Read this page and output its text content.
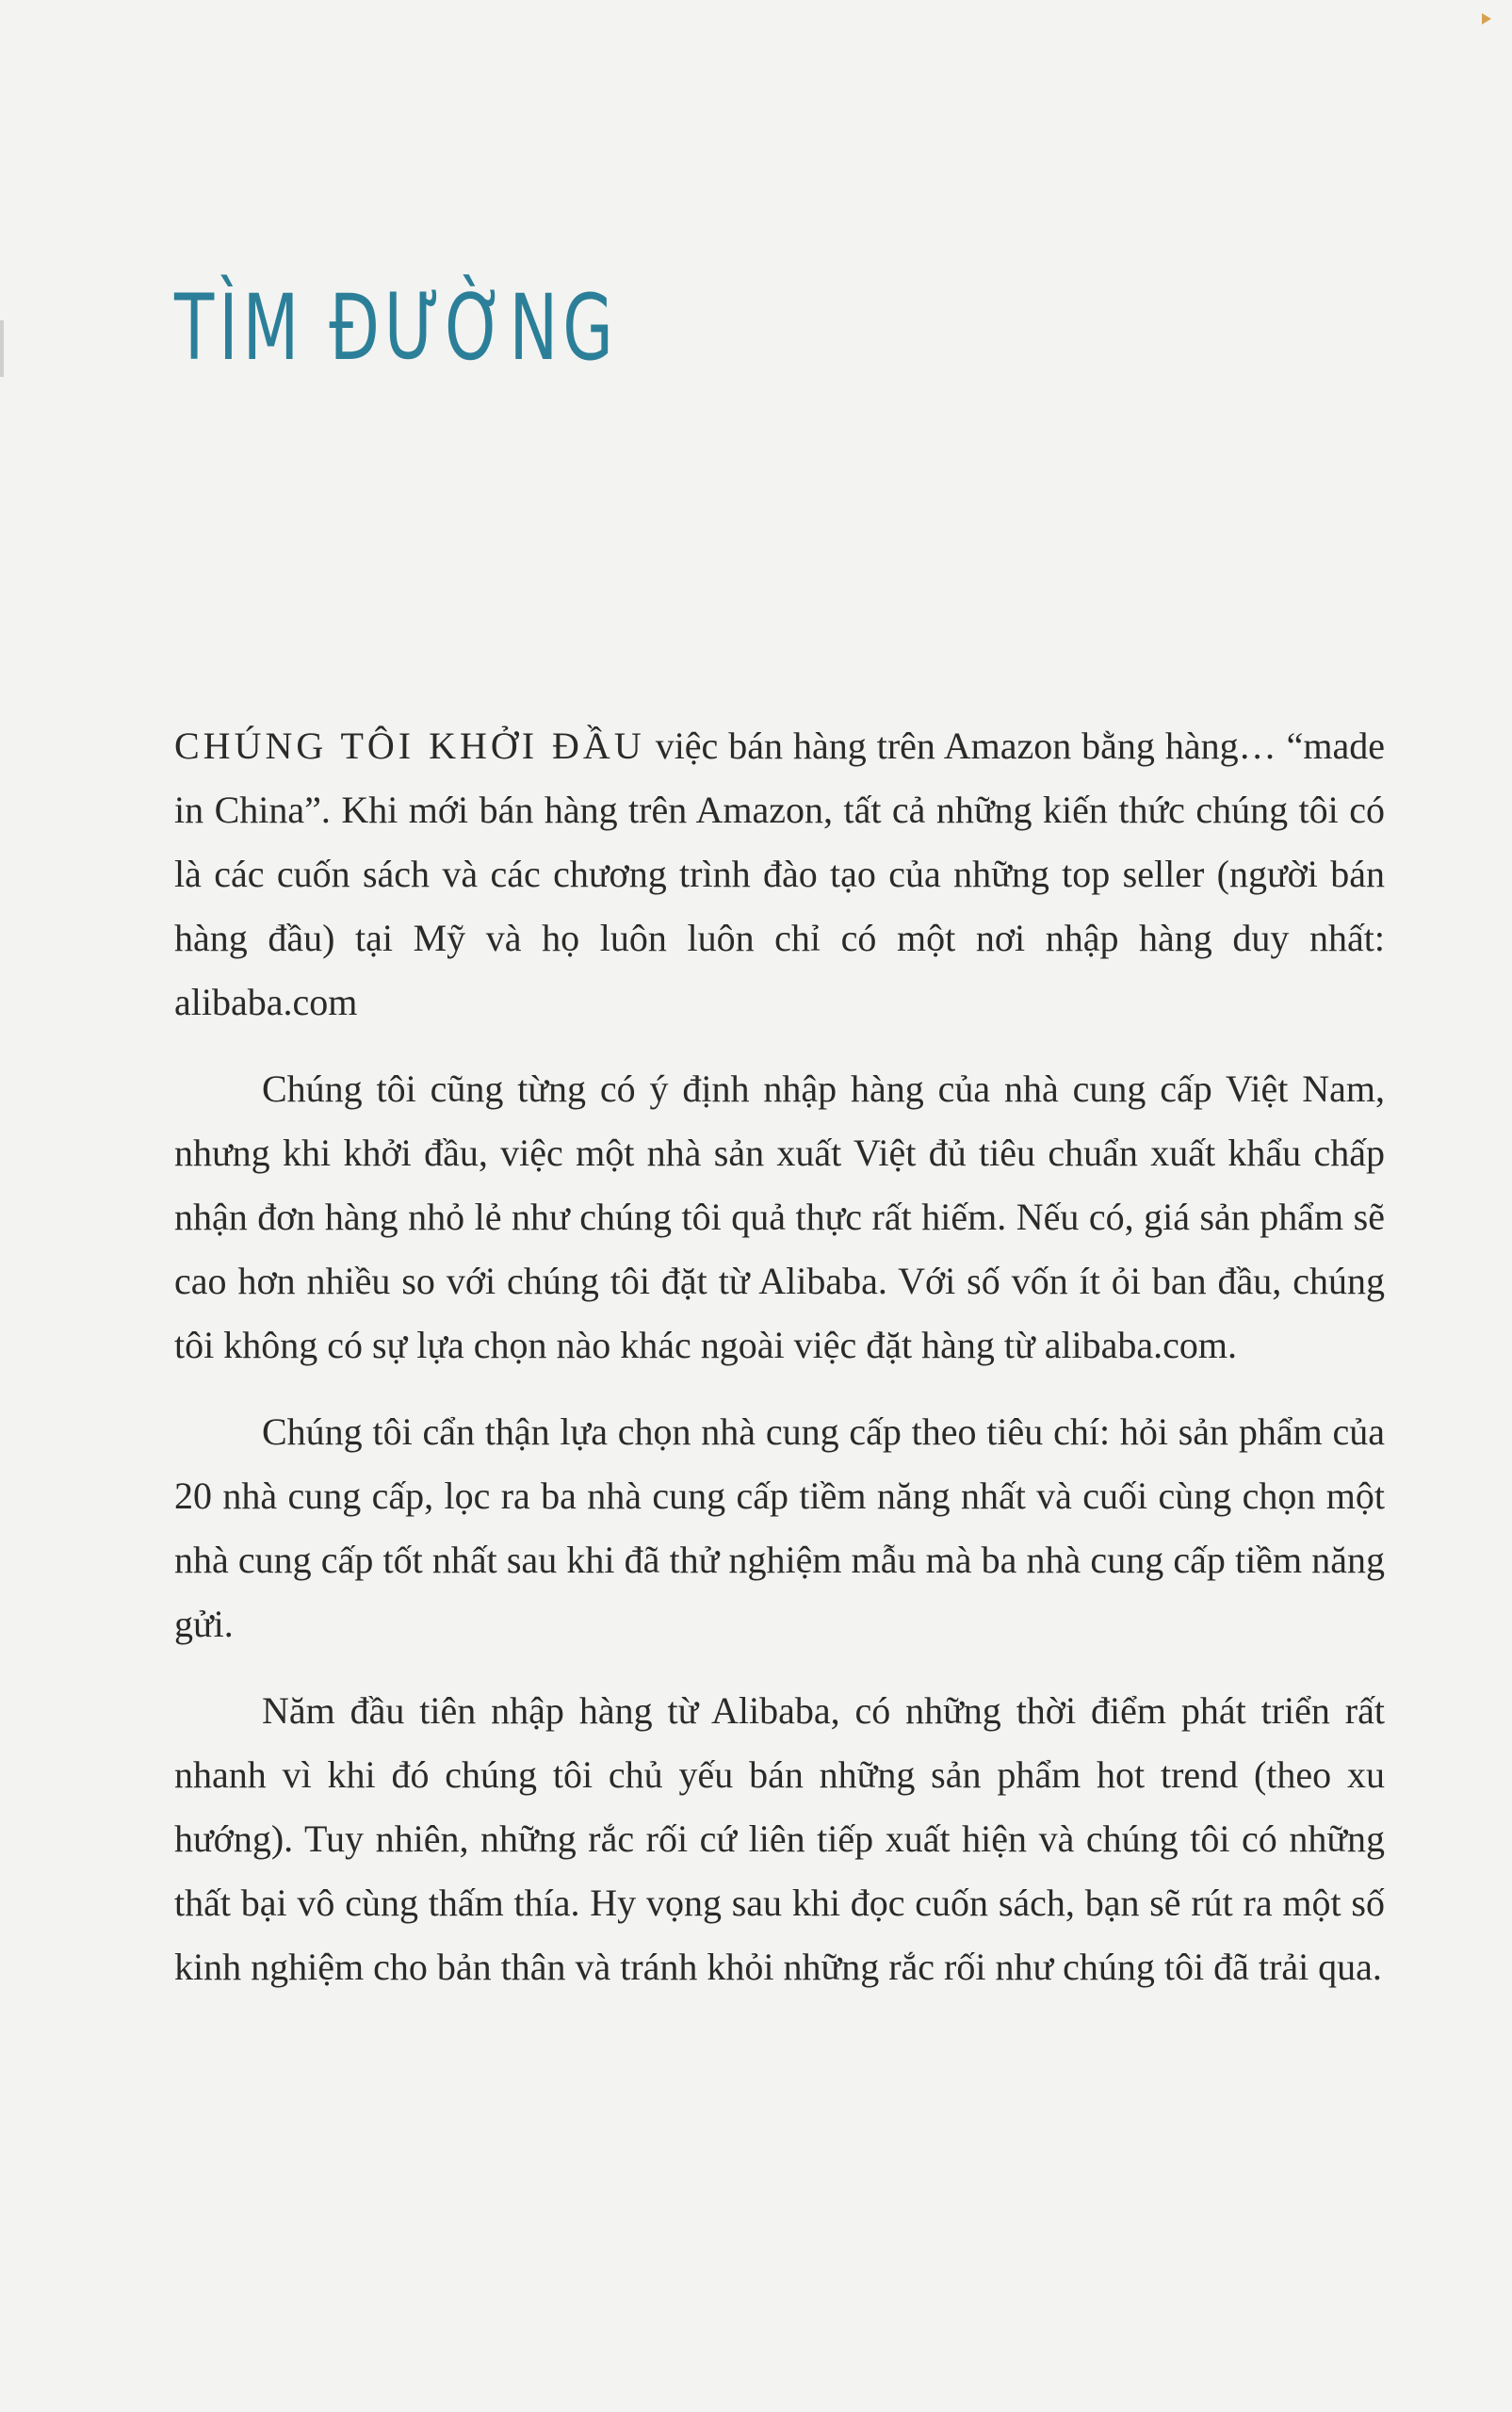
TÌM ĐƯỜNG

CHÚNG TÔI KHỞI ĐẦU việc bán hàng trên Amazon bằng hàng… “made in China”. Khi mới bán hàng trên Amazon, tất cả những kiến thức chúng tôi có là các cuốn sách và các chương trình đào tạo của những top seller (người bán hàng đầu) tại Mỹ và họ luôn luôn chỉ có một nơi nhập hàng duy nhất: alibaba.com

Chúng tôi cũng từng có ý định nhập hàng của nhà cung cấp Việt Nam, nhưng khi khởi đầu, việc một nhà sản xuất Việt đủ tiêu chuẩn xuất khẩu chấp nhận đơn hàng nhỏ lẻ như chúng tôi quả thực rất hiếm. Nếu có, giá sản phẩm sẽ cao hơn nhiều so với chúng tôi đặt từ Alibaba. Với số vốn ít ỏi ban đầu, chúng tôi không có sự lựa chọn nào khác ngoài việc đặt hàng từ alibaba.com.

Chúng tôi cẩn thận lựa chọn nhà cung cấp theo tiêu chí: hỏi sản phẩm của 20 nhà cung cấp, lọc ra ba nhà cung cấp tiềm năng nhất và cuối cùng chọn một nhà cung cấp tốt nhất sau khi đã thử nghiệm mẫu mà ba nhà cung cấp tiềm năng gửi.

Năm đầu tiên nhập hàng từ Alibaba, có những thời điểm phát triển rất nhanh vì khi đó chúng tôi chủ yếu bán những sản phẩm hot trend (theo xu hướng). Tuy nhiên, những rắc rối cứ liên tiếp xuất hiện và chúng tôi có những thất bại vô cùng thấm thía. Hy vọng sau khi đọc cuốn sách, bạn sẽ rút ra một số kinh nghiệm cho bản thân và tránh khỏi những rắc rối như chúng tôi đã trải qua.
